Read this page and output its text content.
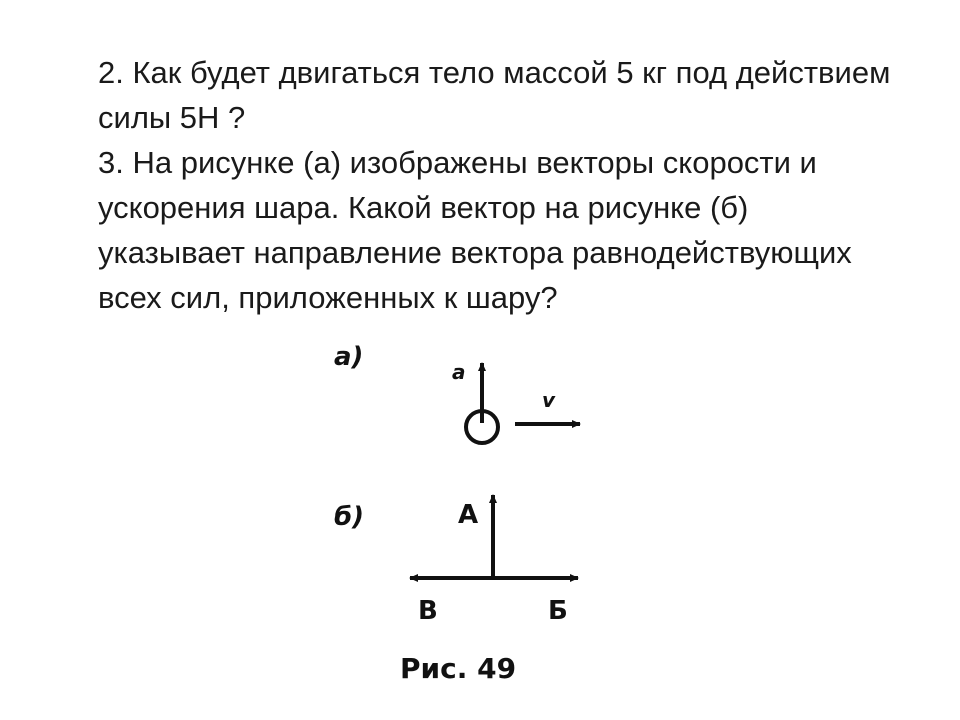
2. Как будет двигаться тело массой 5 кг под действием силы 5Н ?

3. На рисунке (а) изображены векторы скорости и ускорения шара. Какой вектор на рисунке (б) указывает направление вектора равнодействующих всех сил, приложенных к шару?

а)	a
v
б)	А
В	Б
Рис. 49
